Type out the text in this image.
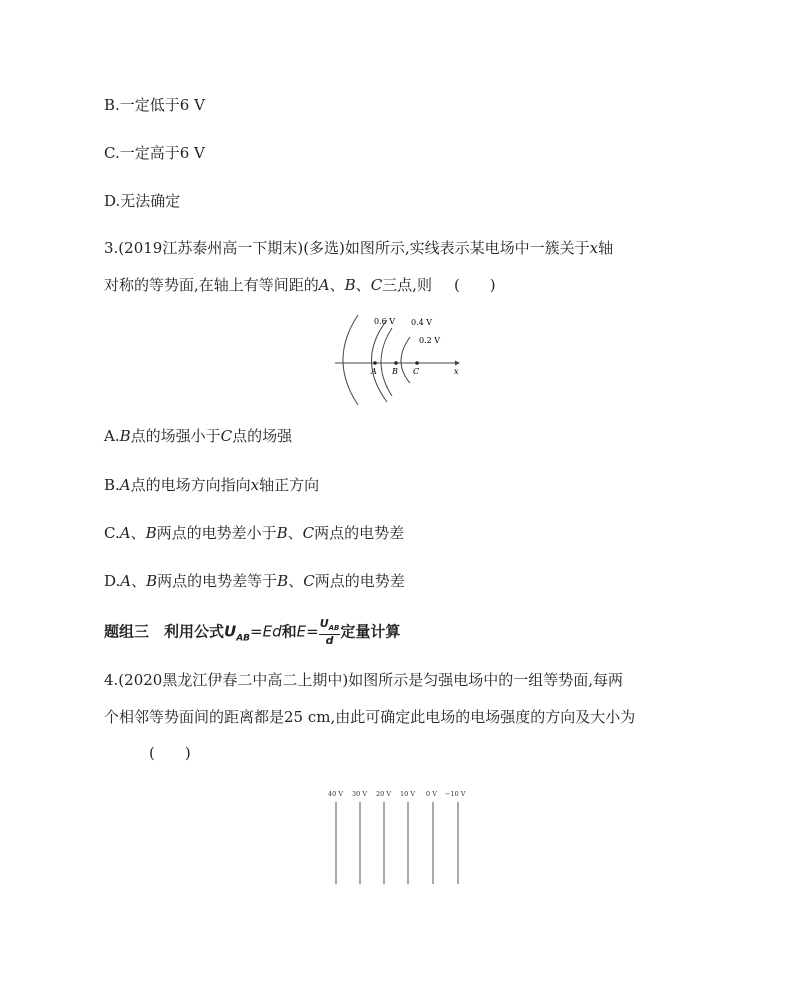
B.一定低于6 V
C.一定高于6 V
D.无法确定
3.(2019江苏泰州高一下期末)(多选)如图所示,实线表示某电场中一簇关于x轴
对称的等势面,在轴上有等间距的A、B、C三点,则 (　　)
0.6 V 0.4 V
0.2 V
A B C	x
A.B点的场强小于C点的场强
B.A点的电场方向指向x轴正方向
C.A、B两点的电势差小于B、C两点的电势差
D.A、B两点的电势差等于B、C两点的电势差
题组三　利用公式$U_{AB}=Ed$和$E= \frac{U_{AB}}{d}$ 定量计算
4.(2020黑龙江伊春二中高二上期中)如图所示是匀强电场中的一组等势面,每两
个相邻等势面间的距离都是25 cm,由此可确定此电场的电场强度的方向及大小为
(　　)
40 V 30 V 20 V 10 V 0 V −10 V
